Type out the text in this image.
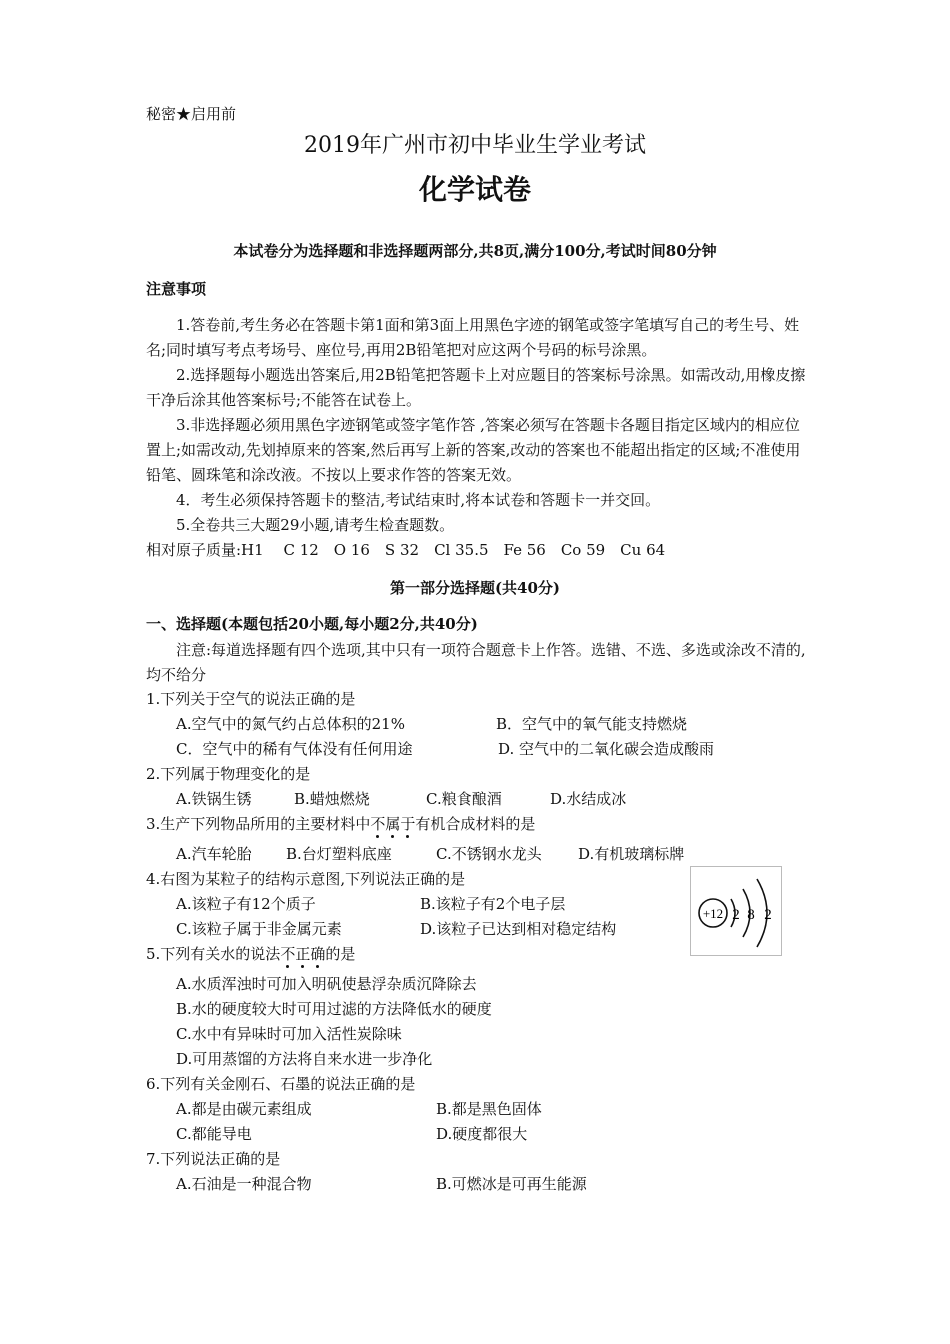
秘密★启用前
2019年广州市初中毕业生学业考试
化学试卷
本试卷分为选择题和非选择题两部分,共8页,满分100分,考试时间80分钟
注意事项
1.答卷前,考生务必在答题卡第1面和第3面上用黑色字迹的钢笔或签字笔填写自己的考生号、姓名;同时填写考点考场号、座位号,再用2B铅笔把对应这两个号码的标号涂黑。
2.选择题每小题选出答案后,用2B铅笔把答题卡上对应题目的答案标号涂黑。如需改动,用橡皮擦干净后涂其他答案标号;不能答在试卷上。
3.非选择题必须用黑色字迹钢笔或签字笔作答 ,答案必须写在答题卡各题目指定区域内的相应位置上;如需改动,先划掉原来的答案,然后再写上新的答案,改动的答案也不能超出指定的区域;不准使用铅笔、圆珠笔和涂改液。不按以上要求作答的答案无效。
4．考生必须保持答题卡的整洁,考试结束时,将本试卷和答题卡一并交回。
5.全卷共三大题29小题,请考生检查题数。
相对原子质量:H1　 C 12　O 16　S 32　Cl 35.5　Fe 56　Co 59　Cu 64
第一部分选择题(共40分)
一、选择题(本题包括20小题,每小题2分,共40分)
注意:每道选择题有四个选项,其中只有一项符合题意卡上作答。选错、不选、多选或涂改不清的,均不给分
1.下列关于空气的说法正确的是
A.空气中的氮气约占总体积的21%	B．空气中的氧气能支持燃烧
C．空气中的稀有气体没有任何用途	D. 空气中的二氧化碳会造成酸雨
2.下列属于物理变化的是
A.铁锅生锈	B.蜡烛燃烧	C.粮食酿酒	D.水结成冰
3.生产下列物品所用的主要材料中不属于有机合成材料的是
A.汽车轮胎 B.台灯塑料底座	C.不锈钢水龙头 D.有机玻璃标牌
4.右图为某粒子的结构示意图,下列说法正确的是
A.该粒子有12个质子	B.该粒子有2个电子层
C.该粒子属于非金属元素	D.该粒子已达到相对稳定结构
+12 2 8 2
5.下列有关水的说法不正确的是
A.水质浑浊时可加入明矾使悬浮杂质沉降除去
B.水的硬度较大时可用过滤的方法降低水的硬度
C.水中有异味时可加入活性炭除味
D.可用蒸馏的方法将自来水进一步净化
6.下列有关金刚石、石墨的说法正确的是
A.都是由碳元素组成	B.都是黑色固体
C.都能导电	D.硬度都很大
7.下列说法正确的是
A.石油是一种混合物	B.可燃冰是可再生能源
